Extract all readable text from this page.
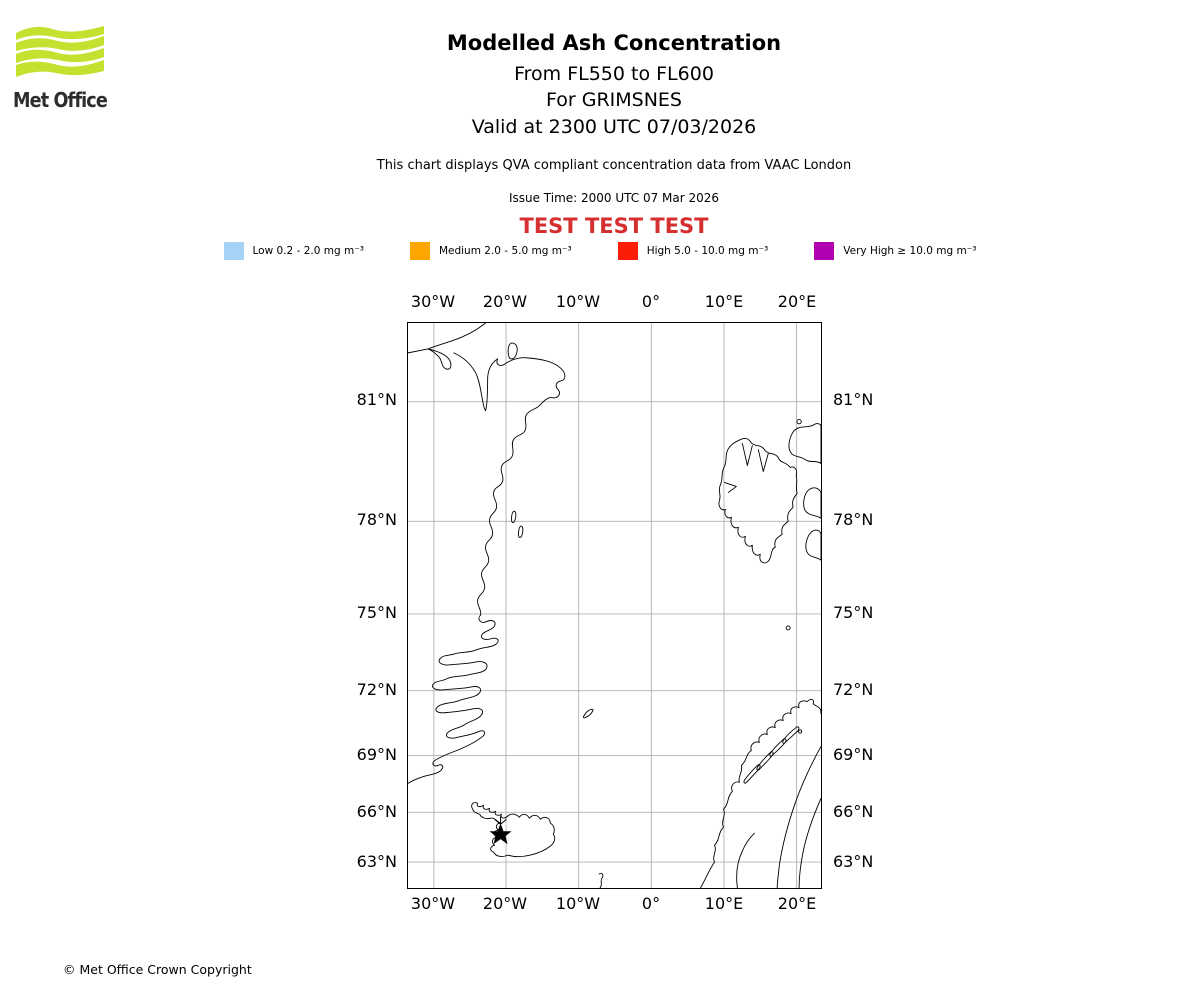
Met Office
Modelled Ash Concentration
From FL550 to FL600
For GRIMSNES
Valid at 2300 UTC 07/03/2026
This chart displays QVA compliant concentration data from VAAC London
Issue Time: 2000 UTC 07 Mar 2026
TEST TEST TEST
Low 0.2 - 2.0 mg m⁻³	Medium 2.0 - 5.0 mg m⁻³	High 5.0 - 10.0 mg m⁻³	Very High ≥ 10.0 mg m⁻³
30°W 20°W 10°W	0°	10°E 20°E
30°W 20°W 10°W	0°	10°E 20°E
81°N
78°N
75°N
72°N
69°N
66°N
63°N
81°N
78°N
75°N
72°N
69°N
66°N
63°N
© Met Office Crown Copyright
